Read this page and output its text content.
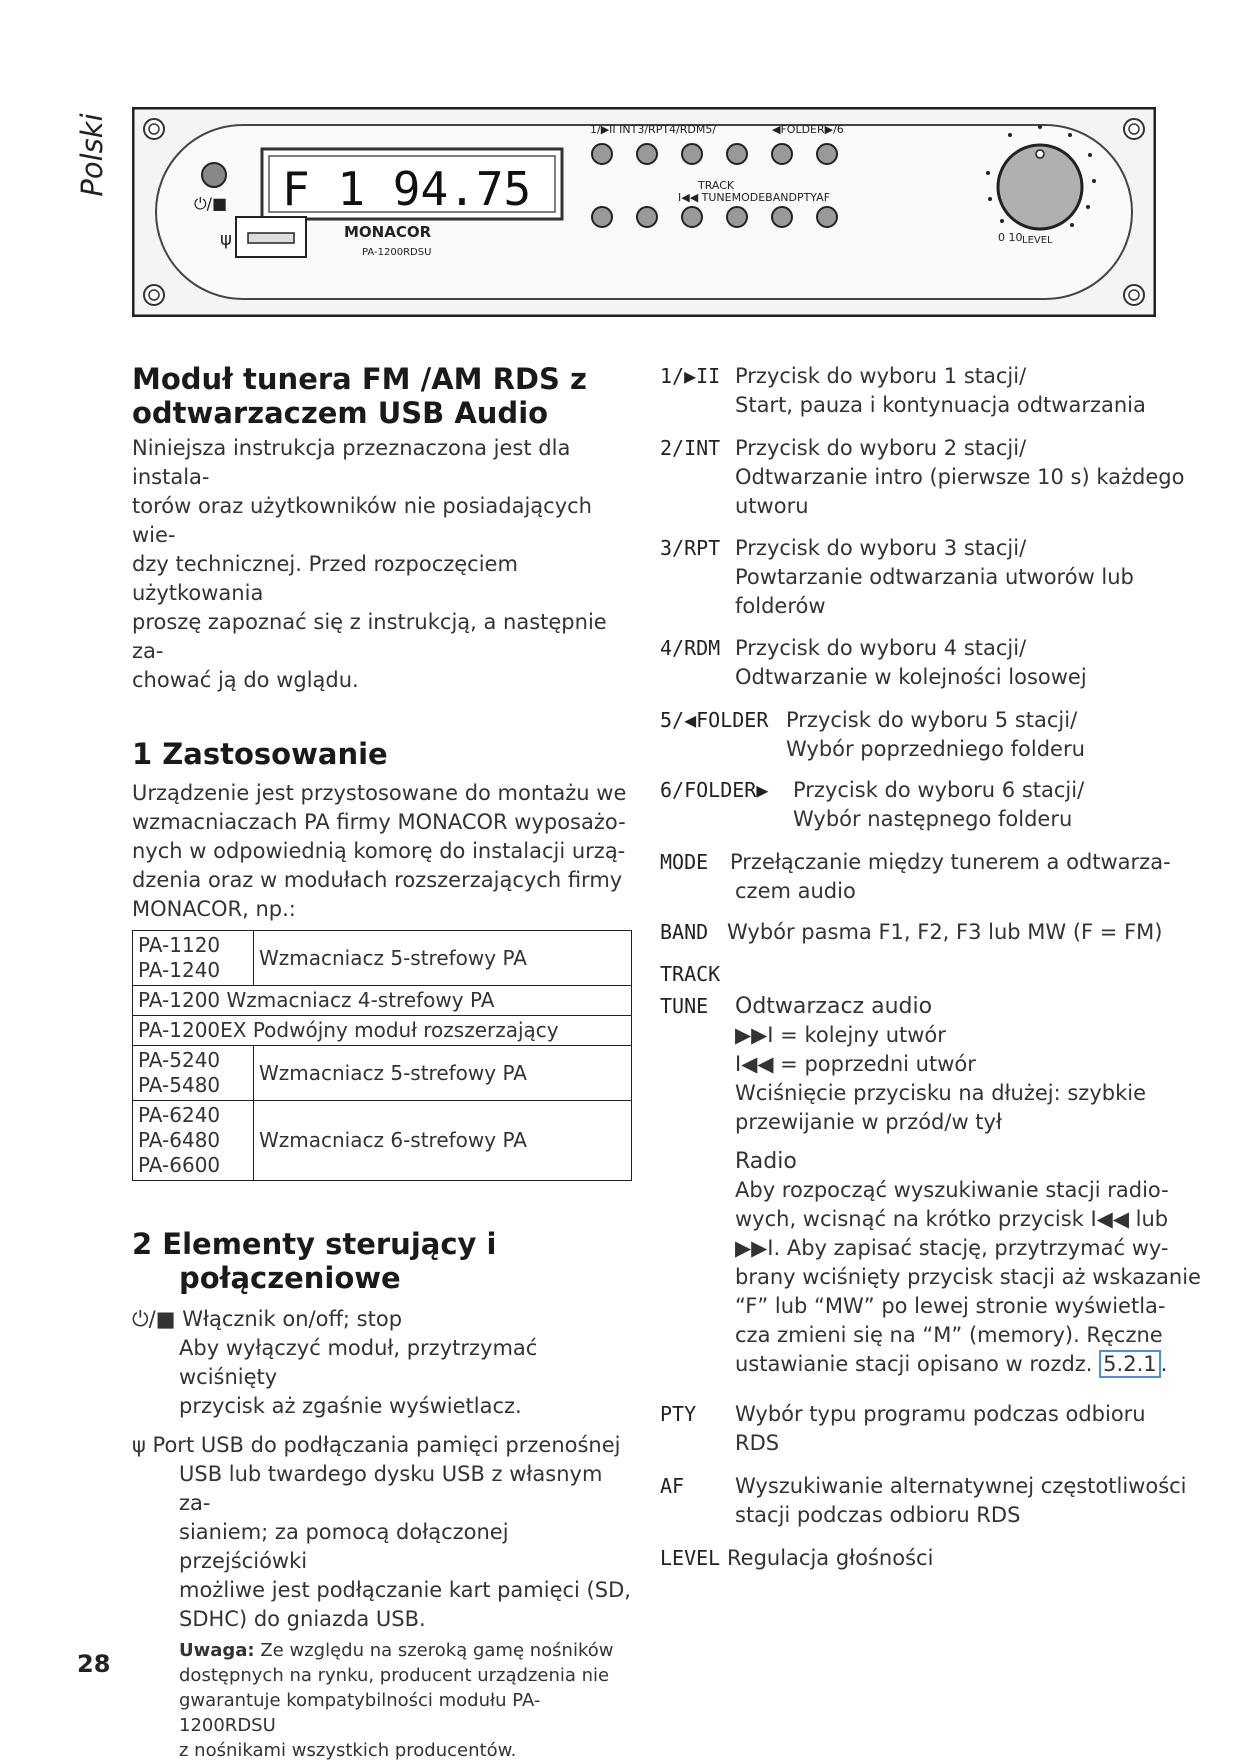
Polski
⏻/■ F 1 94.75
ψ	MONACOR
PA-1200RDSU
1/▶II INT3/RPT4/RDM5/	◀FOLDER▶/6
TRACK
I◀◀ TUNEMODEBANDPTYAF
0 10 LEVEL
Moduł tunera FM /AM RDS z
odtwarzaczem USB Audio
Niniejsza instrukcja przeznaczona jest dla instala-
torów oraz użytkowników nie posiadających wie-
dzy technicznej. Przed rozpoczęciem użytkowania
proszę zapoznać się z instrukcją, a następnie za-
chować ją do wglądu.
1 Zastosowanie
Urządzenie jest przystosowane do montażu we
wzmacniaczach PA firmy MONACOR wyposażo-
nych w odpowiednią komorę do instalacji urzą-
dzenia oraz w modułach rozszerzających firmy
MONACOR, np.:
PA-1120
PA-1240	Wzmacniacz 5-strefowy PA
PA-1200 Wzmacniacz 4-strefowy PA	
PA-1200EX Podwójny moduł rozszerzający	

PA-5240
PA-5480	Wzmacniacz 5-strefowy PA

PA-6240
PA-6480
PA-6600	Wzmacniacz 6-strefowy PA
2 Elementy sterujący i
połączeniowe
⏻/■ Włącznik on/off; stop
Aby wyłączyć moduł, przytrzymać wciśnięty
przycisk aż zgaśnie wyświetlacz.
ψ Port USB do podłączania pamięci przenośnej
USB lub twardego dysku USB z własnym za-
sianiem; za pomocą dołączonej przejściówki
możliwe jest podłączanie kart pamięci (SD,
SDHC) do gniazda USB.
Uwaga: Ze względu na szeroką gamę nośników
dostępnych na rynku, producent urządzenia nie
gwarantuje kompatybilności modułu PA-1200RDSU
z nośnikami wszystkich producentów.
1/▶II Przycisk do wyboru 1 stacji/
Start, pauza i kontynuacja odtwarzania
2/INT Przycisk do wyboru 2 stacji/
Odtwarzanie intro (pierwsze 10 s) każdego
utworu
3/RPT Przycisk do wyboru 3 stacji/
Powtarzanie odtwarzania utworów lub
folderów
4/RDM Przycisk do wyboru 4 stacji/
Odtwarzanie w kolejności losowej
5/◀FOLDER Przycisk do wyboru 5 stacji/
Wybór poprzedniego folderu
6/FOLDER▶ Przycisk do wyboru 6 stacji/
Wybór następnego folderu
MODE Przełączanie między tunerem a odtwarza-
czem audio
BAND Wybór pasma F1, F2, F3 lub MW (F = FM)
TRACK
TUNE Odtwarzacz audio
▶▶I = kolejny utwór
I◀◀ = poprzedni utwór
Wciśnięcie przycisku na dłużej: szybkie
przewijanie w przód/w tył
Radio
Aby rozpocząć wyszukiwanie stacji radio-
wych, wcisnąć na krótko przycisk I◀◀ lub
▶▶I. Aby zapisać stację, przytrzymać wy-
brany wciśnięty przycisk stacji aż wskazanie
“F” lub “MW” po lewej stronie wyświetla-
cza zmieni się na “M” (memory). Ręczne
ustawianie stacji opisano w rozdz. 5.2.1 .
PTY Wybór typu programu podczas odbioru
RDS
AF Wyszukiwanie alternatywnej częstotliwości
stacji podczas odbioru RDS
LEVEL Regulacja głośności
28
